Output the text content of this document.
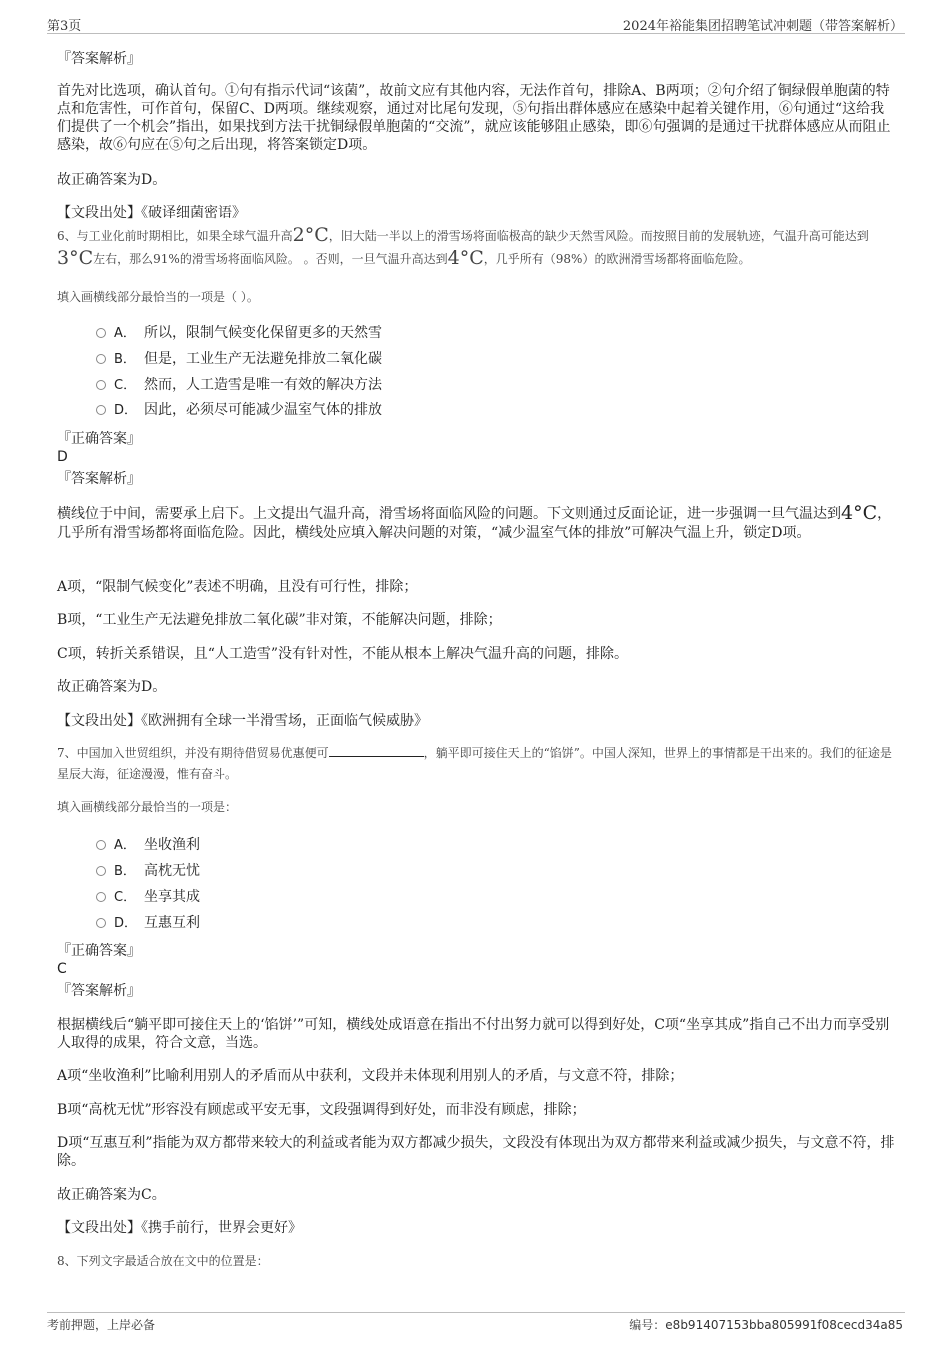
第3页	2024年裕能集团招聘笔试冲刺题（带答案解析）
『答案解析』
首先对比选项，确认首句。①句有指示代词“该菌”，故前文应有其他内容，无法作首句，排除A、B两项；②句介绍了铜绿假单胞菌的特点和危害性，可作首句，保留C、D两项。继续观察，通过对比尾句发现，⑤句指出群体感应在感染中起着关键作用，⑥句通过“这给我们提供了一个机会”指出，如果找到方法干扰铜绿假单胞菌的“交流”，就应该能够阻止感染，即⑥句强调的是通过干扰群体感应从而阻止感染，故⑥句应在⑤句之后出现，将答案锁定D项。
故正确答案为D。
【文段出处】《破译细菌密语》
6、与工业化前时期相比，如果全球气温升高2°C，旧大陆一半以上的滑雪场将面临极高的缺少天然雪风险。而按照目前的发展轨迹，气温升高可能达到3°C左右，那么91%的滑雪场将面临风险。 。否则，一旦气温升高达到4°C，几乎所有（98%）的欧洲滑雪场都将面临危险。
填入画横线部分最恰当的一项是（ ）。
A． 所以，限制气候变化保留更多的天然雪
B． 但是，工业生产无法避免排放二氧化碳
C． 然而，人工造雪是唯一有效的解决方法
D． 因此，必须尽可能减少温室气体的排放
『正确答案』
D
『答案解析』
横线位于中间，需要承上启下。上文提出气温升高，滑雪场将面临风险的问题。下文则通过反面论证，进一步强调一旦气温达到4°C，几乎所有滑雪场都将面临危险。因此，横线处应填入解决问题的对策，“减少温室气体的排放”可解决气温上升，锁定D项。
A项，“限制气候变化”表述不明确，且没有可行性，排除；
B项，“工业生产无法避免排放二氧化碳”非对策，不能解决问题，排除；
C项，转折关系错误，且“人工造雪”没有针对性，不能从根本上解决气温升高的问题，排除。
故正确答案为D。
【文段出处】《欧洲拥有全球一半滑雪场，正面临气候威胁》
7、中国加入世贸组织，并没有期待借贸易优惠便可	，躺平即可接住天上的“馅饼”。中国人深知，世界上的事情都是干出来的。我们的征途是星辰大海，征途漫漫，惟有奋斗。
填入画横线部分最恰当的一项是：
A． 坐收渔利
B． 高枕无忧
C． 坐享其成
D． 互惠互利
『正确答案』
C
『答案解析』
根据横线后“躺平即可接住天上的‘馅饼’”可知，横线处成语意在指出不付出努力就可以得到好处，C项“坐享其成”指自己不出力而享受别人取得的成果，符合文意，当选。
A项“坐收渔利”比喻利用别人的矛盾而从中获利，文段并未体现利用别人的矛盾，与文意不符，排除；
B项“高枕无忧”形容没有顾虑或平安无事，文段强调得到好处，而非没有顾虑，排除；
D项“互惠互利”指能为双方都带来较大的利益或者能为双方都减少损失，文段没有体现出为双方都带来利益或减少损失，与文意不符，排除。
故正确答案为C。
【文段出处】《携手前行，世界会更好》
8、下列文字最适合放在文中的位置是：
考前押题，上岸必备	编号：e8b91407153bba805991f08cecd34a85
